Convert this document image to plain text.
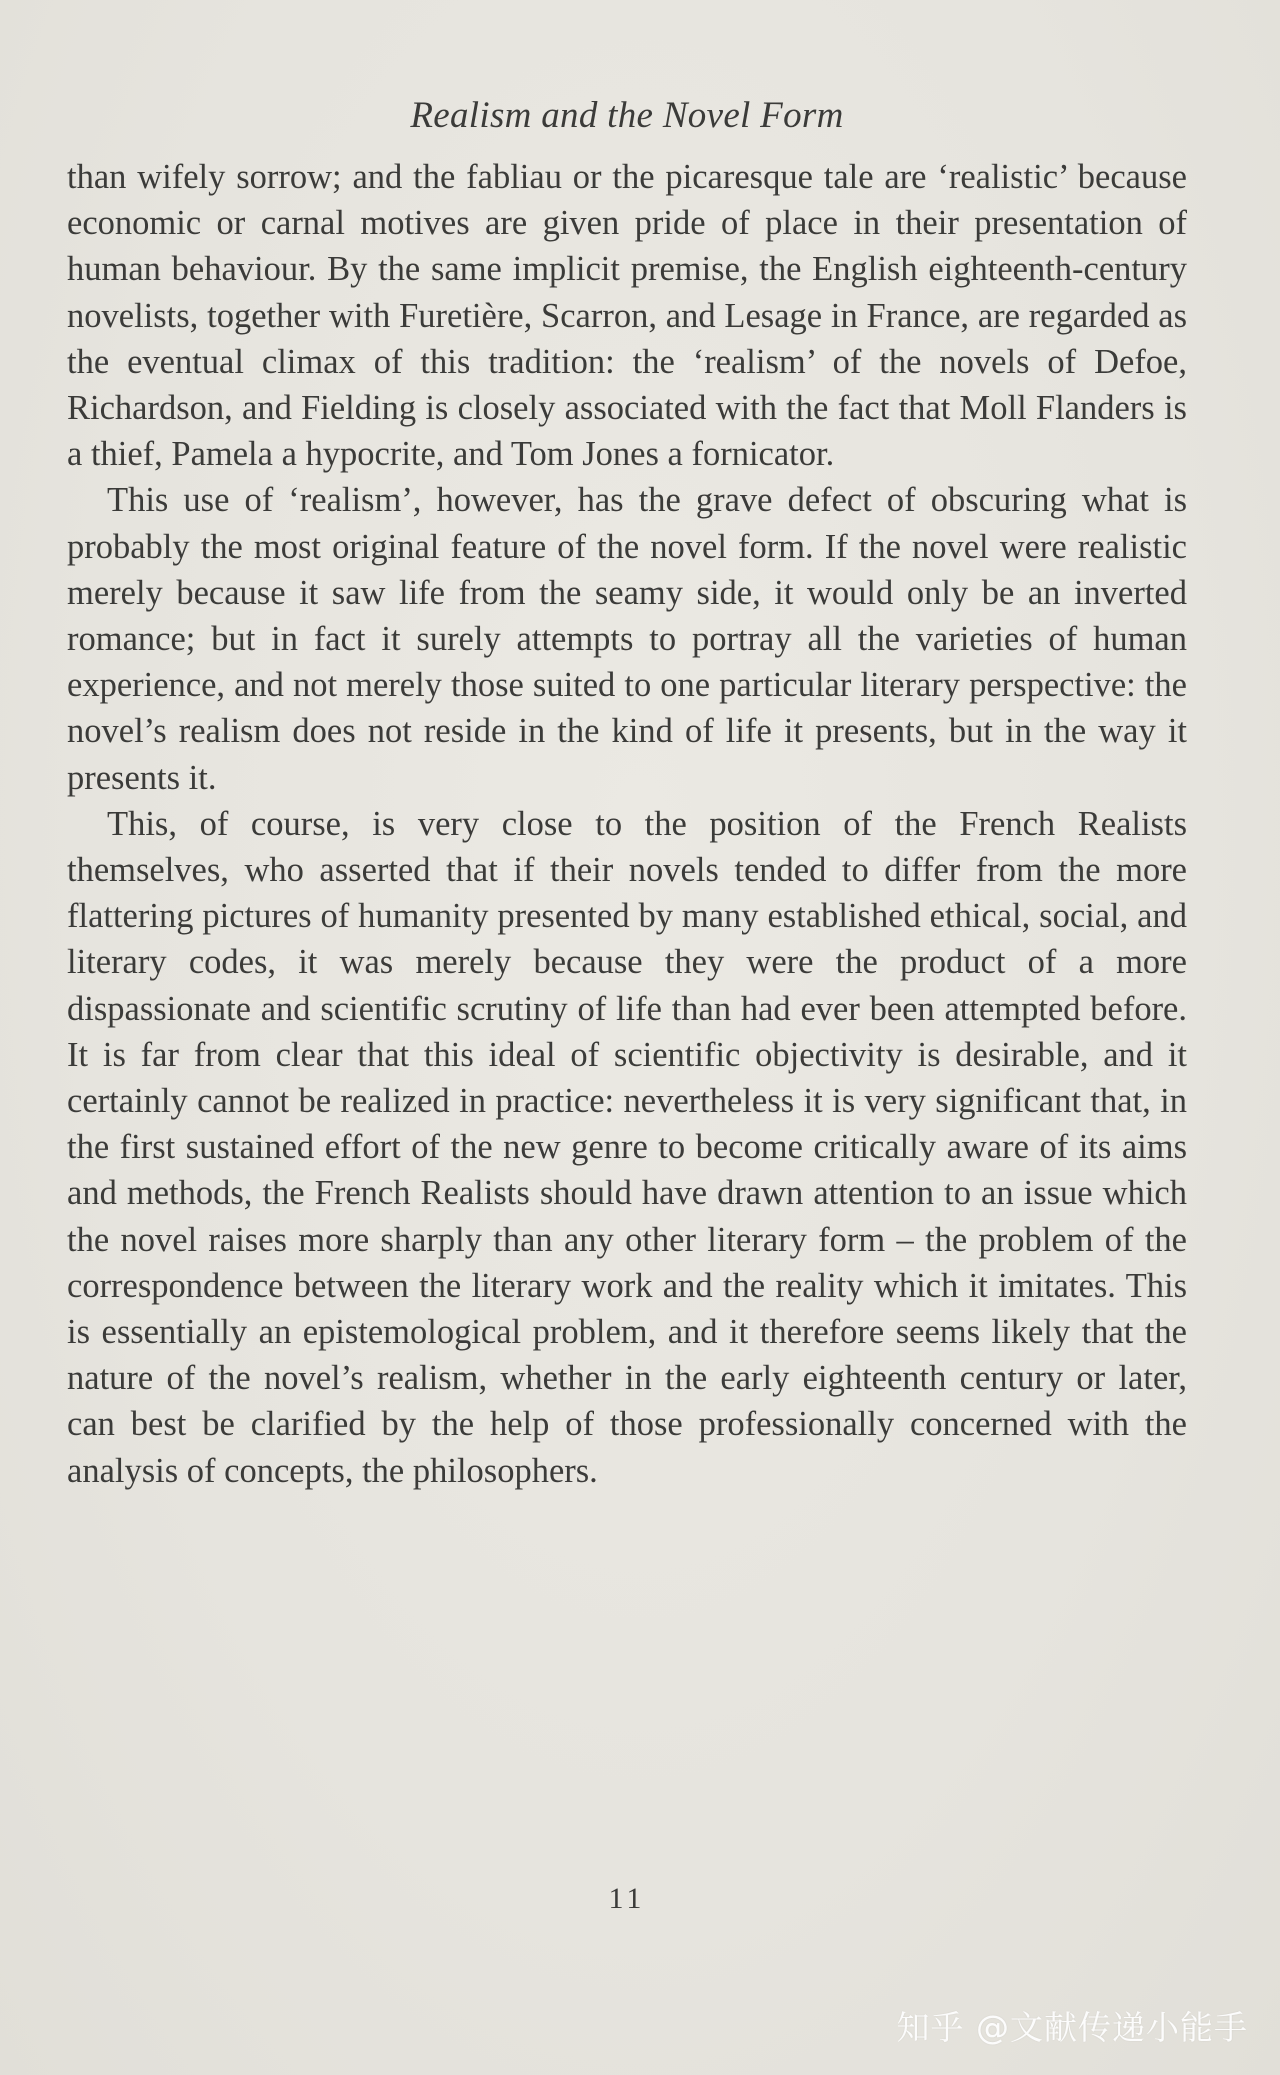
Realism and the Novel Form

than wifely sorrow; and the fabliau or the picaresque tale are ‘realistic’ because economic or carnal motives are given pride of place in their presentation of human behaviour. By the same implicit premise, the English eighteenth-century novelists, together with Furetière, Scarron, and Lesage in France, are regarded as the eventual climax of this tradition: the ‘realism’ of the novels of Defoe, Richardson, and Fielding is closely associated with the fact that Moll Flanders is a thief, Pamela a hypocrite, and Tom Jones a fornicator.

This use of ‘realism’, however, has the grave defect of obscuring what is probably the most original feature of the novel form. If the novel were realistic merely because it saw life from the seamy side, it would only be an inverted romance; but in fact it surely attempts to portray all the varieties of human experience, and not merely those suited to one particular literary perspective: the novel’s realism does not reside in the kind of life it presents, but in the way it presents it.

This, of course, is very close to the position of the French Realists themselves, who asserted that if their novels tended to differ from the more flattering pictures of humanity presented by many established ethical, social, and literary codes, it was merely because they were the product of a more dispassionate and scientific scrutiny of life than had ever been attempted before. It is far from clear that this ideal of scientific objectivity is desirable, and it certainly cannot be realized in practice: nevertheless it is very significant that, in the first sustained effort of the new genre to become critically aware of its aims and methods, the French Realists should have drawn attention to an issue which the novel raises more sharply than any other literary form – the problem of the correspondence between the literary work and the reality which it imitates. This is essentially an epistemological problem, and it therefore seems likely that the nature of the novel’s realism, whether in the early eighteenth century or later, can best be clarified by the help of those professionally concerned with the analysis of concepts, the philosophers.

11
知乎 @文献传递小能手
